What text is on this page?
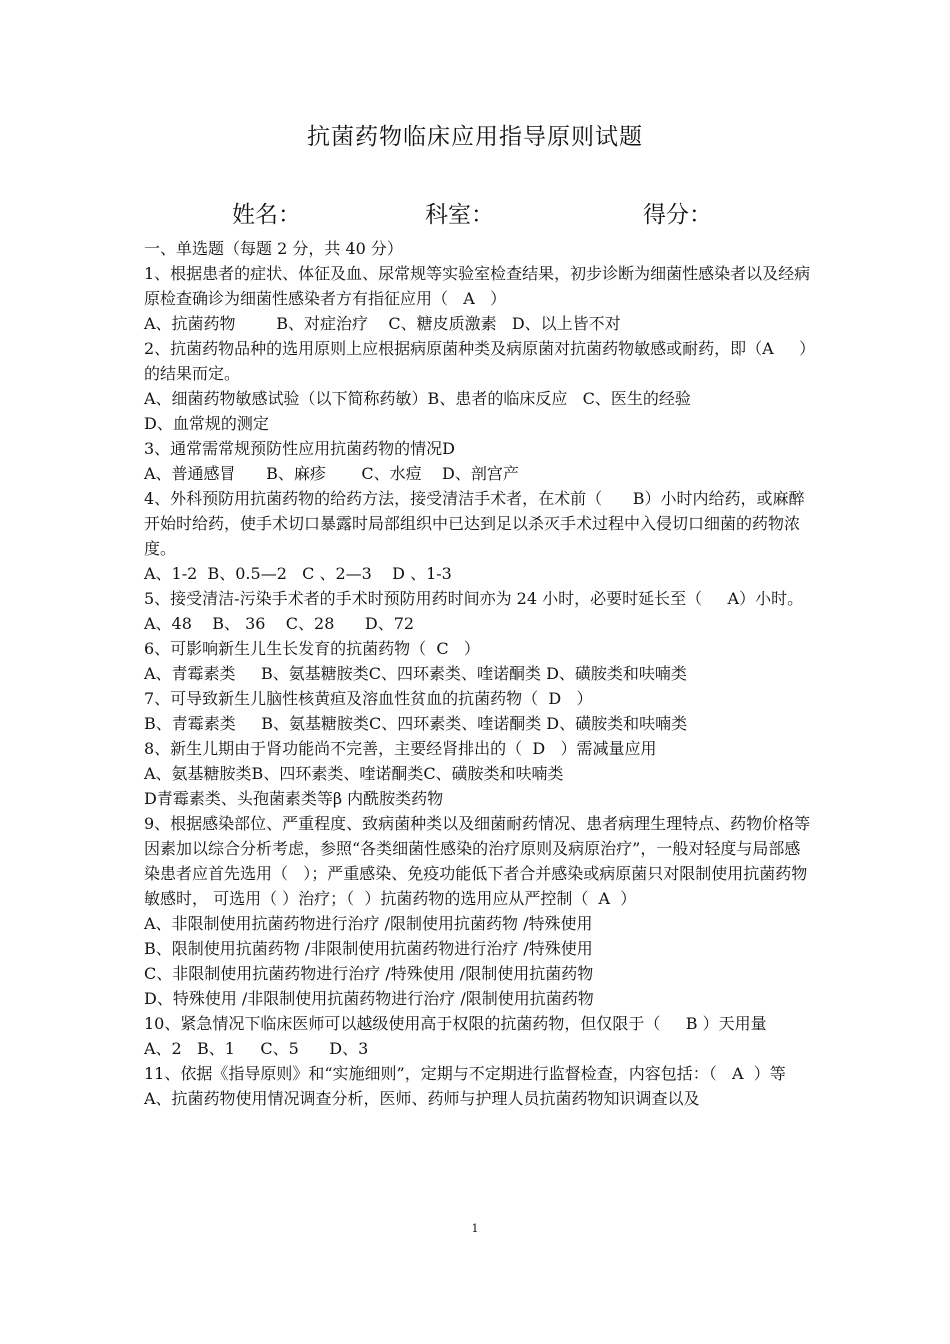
抗菌药物临床应用指导原则试题
姓名：	科室：	得分：

一、单选题（每题 2 分，共 40 分）

1、根据患者的症状、体征及血、尿常规等实验室检查结果，初步诊断为细菌性感染者以及经病原检查确诊为细菌性感染者方有指征应用（   A   ）

A、抗菌药物        B、对症治疗    C、糖皮质激素   D、以上皆不对

2、抗菌药物品种的选用原则上应根据病原菌种类及病原菌对抗菌药物敏感或耐药，即（A     ）的结果而定。

A、细菌药物敏感试验（以下简称药敏）B、患者的临床反应   C、医生的经验

D、血常规的测定

3、通常需常规预防性应用抗菌药物的情况D

A、普通感冒      B、麻疹       C、水痘    D、剖宫产

4、外科预防用抗菌药物的给药方法，接受清洁手术者，在术前（      B）小时内给药，或麻醉开始时给药，使手术切口暴露时局部组织中已达到足以杀灭手术过程中入侵切口细菌的药物浓度。

A、1-2  B、0.5—2   C 、2—3    D 、1-3

5、接受清洁-污染手术者的手术时预防用药时间亦为 24 小时，必要时延长至（     A）小时。

A、48    B、 36    C、28      D、72

6、可影响新生儿生长发育的抗菌药物（  C   ）

A、青霉素类     B、氨基糖胺类C、四环素类、喹诺酮类 D、磺胺类和呋喃类

7、可导致新生儿脑性核黄疸及溶血性贫血的抗菌药物（  D   ）

B、青霉素类     B、氨基糖胺类C、四环素类、喹诺酮类 D、磺胺类和呋喃类

8、新生儿期由于肾功能尚不完善，主要经肾排出的（  D   ）需减量应用

A、氨基糖胺类B、四环素类、喹诺酮类C、磺胺类和呋喃类

D青霉素类、头孢菌素类等β 内酰胺类药物

9、根据感染部位、严重程度、致病菌种类以及细菌耐药情况、患者病理生理特点、药物价格等因素加以综合分析考虑，参照“各类细菌性感染的治疗原则及病原治疗”，一般对轻度与局部感染患者应首先选用（   ）；严重感染、免疫功能低下者合并感染或病原菌只对限制使用抗菌药物敏感时， 可选用（ ）治疗；（  ）抗菌药物的选用应从严控制（  A  ）

A、非限制使用抗菌药物进行治疗 /限制使用抗菌药物 /特殊使用

B、限制使用抗菌药物 /非限制使用抗菌药物进行治疗 /特殊使用

C、非限制使用抗菌药物进行治疗 /特殊使用 /限制使用抗菌药物

D、特殊使用 /非限制使用抗菌药物进行治疗 /限制使用抗菌药物

10、紧急情况下临床医师可以越级使用高于权限的抗菌药物，但仅限于（     B ）天用量

A、2   B、1     C、5      D、3

11、依据《指导原则》和“实施细则”，定期与不定期进行监督检查，内容包括：（   A  ）等

A、抗菌药物使用情况调查分析，医师、药师与护理人员抗菌药物知识调查以及

1
